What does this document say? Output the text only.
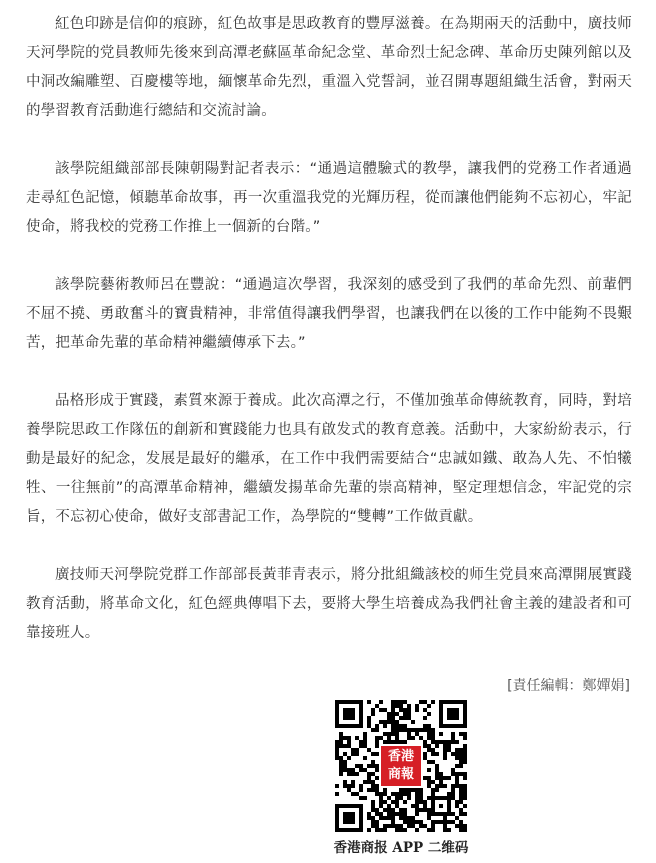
紅色印跡是信仰的痕跡，紅色故事是思政教育的豐厚滋養。在為期兩天的活動中，廣技师天河學院的党員教师先後來到高潭老蘇區革命紀念堂、革命烈士紀念碑、革命历史陳列館以及中洞改編雕塑、百慶樓等地，緬懷革命先烈，重溫入党誓詞，並召開專題組織生活會，對兩天的學習教育活動進行總結和交流討論。

該學院組織部部長陳朝陽對記者表示：“通過這體驗式的教學，讓我們的党務工作者通過走尋紅色記憶，傾聽革命故事，再一次重溫我党的光輝历程，從而讓他們能夠不忘初心，牢記使命，將我校的党務工作推上一個新的台階。”

該學院藝術教师呂在豐說：“通過這次學習，我深刻的感受到了我們的革命先烈、前輩們不屈不撓、勇敢奮斗的寶貴精神，非常值得讓我們學習，也讓我們在以後的工作中能夠不畏艱苦，把革命先輩的革命精神繼續傳承下去。”

品格形成于實踐，素質來源于養成。此次高潭之行，不僅加強革命傳統教育，同時，對培養學院思政工作隊伍的創新和實踐能力也具有啟发式的教育意義。活動中，大家紛紛表示，行動是最好的紀念，发展是最好的繼承，在工作中我們需要結合“忠誠如鐵、敢為人先、不怕犧牲、一往無前”的高潭革命精神，繼續发揚革命先輩的崇高精神，堅定理想信念，牢記党的宗旨，不忘初心使命，做好支部書記工作，為學院的“雙轉”工作做貢獻。

廣技师天河學院党群工作部部長黃菲青表示，將分批組織該校的师生党員來高潭開展實踐教育活動，將革命文化，紅色經典傳唱下去，要將大學生培養成為我們社會主義的建設者和可靠接班人。

[責任編輯：鄭嬋娟]
香港
商報
香港商报 APP 二维码
